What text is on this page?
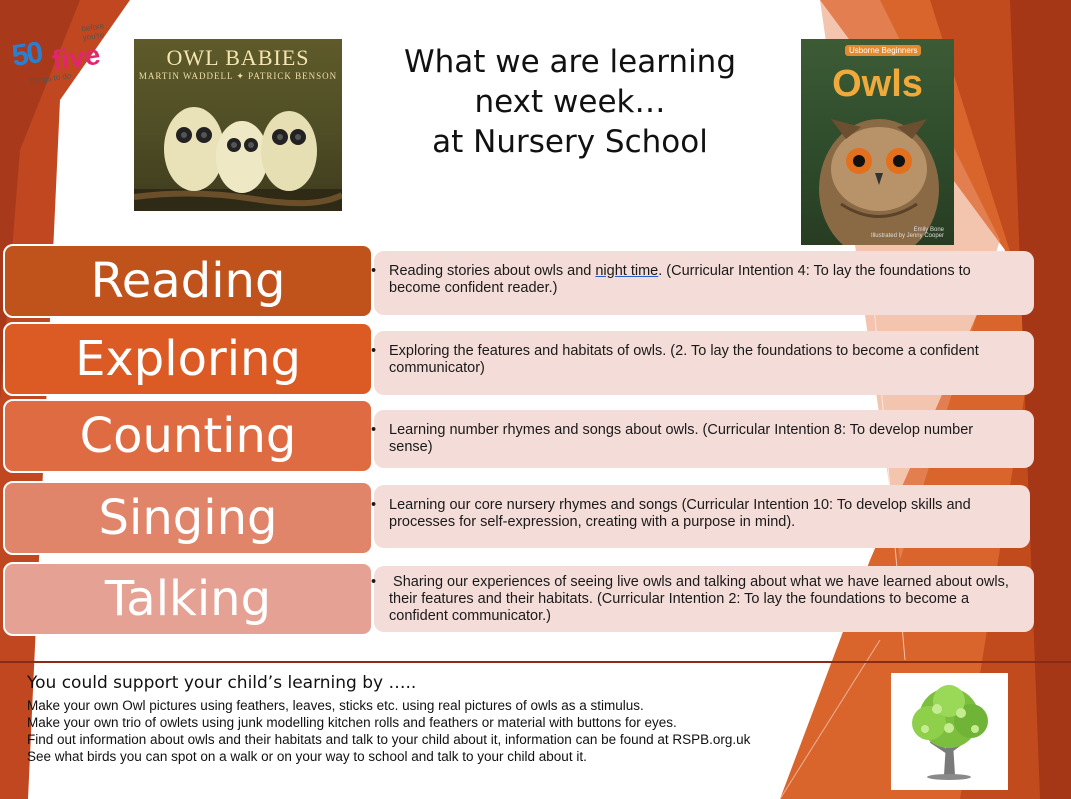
before you're
50 five
things to do
OWL BABIES
MARTIN WADDELL ✦ PATRICK BENSON	What we are learning
next week…
at Nursery School
Usborne Beginners
Owls
Emily Bone
Illustrated by Jenny Cooper
Reading	• Reading stories about owls and night time. (Curricular Intention 4: To lay the foundations to become confident reader.)
Exploring	• Exploring the features and habitats of owls. (2. To lay the foundations to become a confident communicator)
Counting	• Learning number rhymes and songs about owls. (Curricular Intention 8: To develop number sense)
Singing	• Learning our core nursery rhymes and songs (Curricular Intention 10: To develop skills and processes for self-expression, creating with a purpose in mind).
Talking	• Sharing our experiences of seeing live owls and talking about what we have learned about owls, their features and their habitats. (Curricular Intention 2: To lay the foundations to become a confident communicator.)
You could support your child’s learning by …..
Make your own Owl pictures using feathers, leaves, sticks etc. using real pictures of owls as a stimulus.
Make your own trio of owlets using junk modelling kitchen rolls and feathers or material with buttons for eyes.
Find out information about owls and their habitats and talk to your child about it, information can be found at RSPB.org.uk
See what birds you can spot on a walk or on your way to school and talk to your child about it.
